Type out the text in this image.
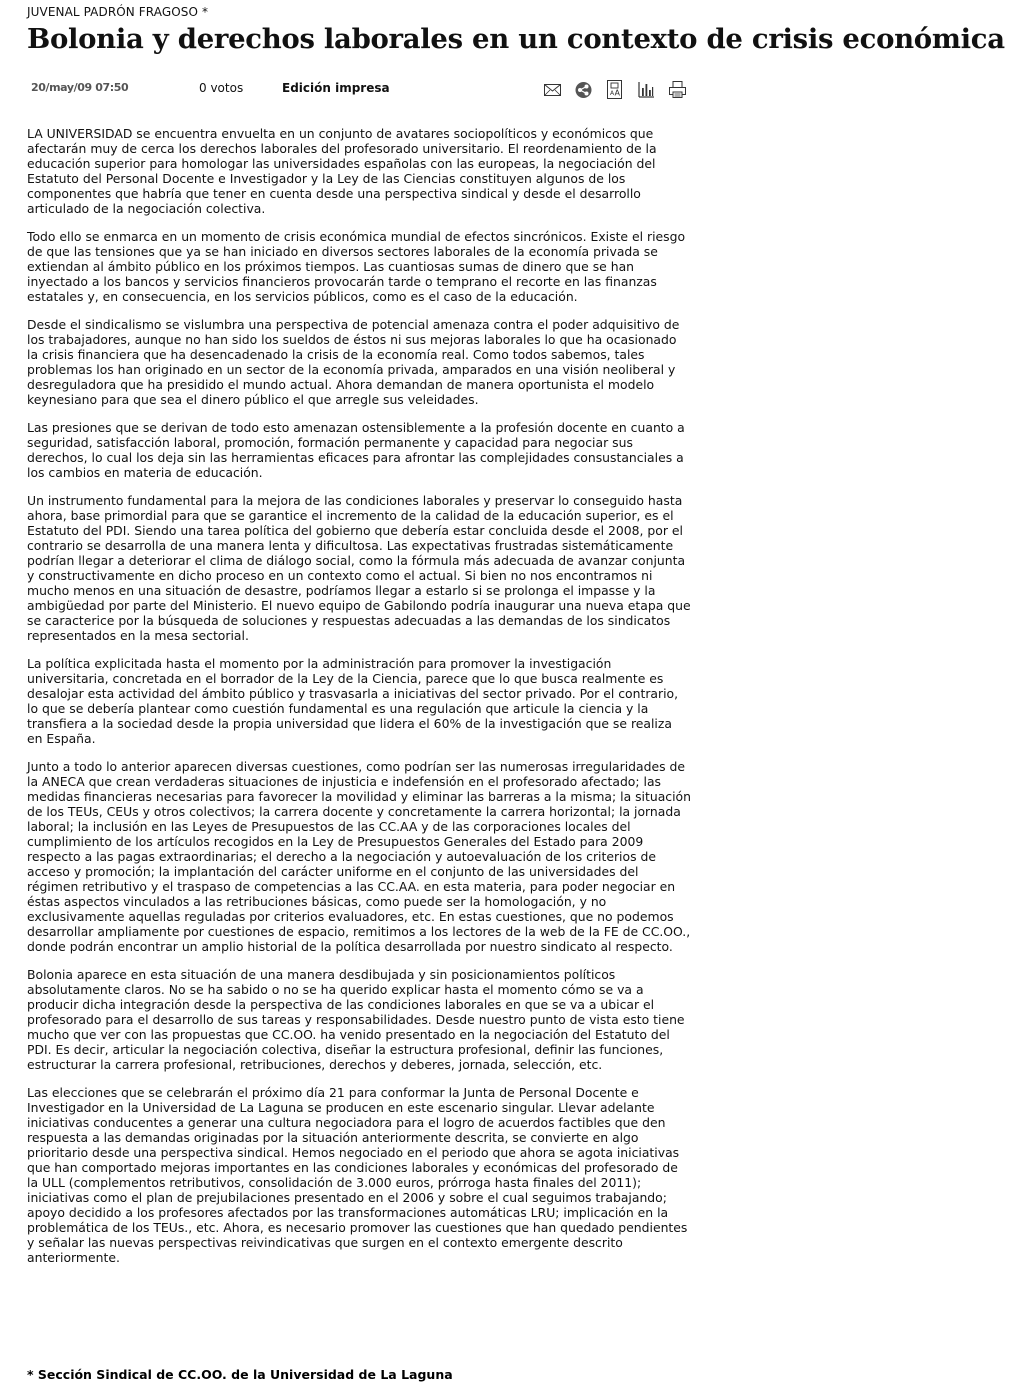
JUVENAL PADRÓN FRAGOSO *
Bolonia y derechos laborales en un contexto de crisis económica
20/may/09 07:50	0 votos	Edición impresa	A A

LA UNIVERSIDAD se encuentra envuelta en un conjunto de avatares sociopolíticos y económicos que afectarán muy de cerca los derechos laborales del profesorado universitario. El reordenamiento de la educación superior para homologar las universidades españolas con las europeas, la negociación del Estatuto del Personal Docente e Investigador y la Ley de las Ciencias constituyen algunos de los componentes que habría que tener en cuenta desde una perspectiva sindical y desde el desarrollo articulado de la negociación colectiva.

Todo ello se enmarca en un momento de crisis económica mundial de efectos sincrónicos. Existe el riesgo de que las tensiones que ya se han iniciado en diversos sectores laborales de la economía privada se extiendan al ámbito público en los próximos tiempos. Las cuantiosas sumas de dinero que se han inyectado a los bancos y servicios financieros provocarán tarde o temprano el recorte en las finanzas estatales y, en consecuencia, en los servicios públicos, como es el caso de la educación.

Desde el sindicalismo se vislumbra una perspectiva de potencial amenaza contra el poder adquisitivo de los trabajadores, aunque no han sido los sueldos de éstos ni sus mejoras laborales lo que ha ocasionado la crisis financiera que ha desencadenado la crisis de la economía real. Como todos sabemos, tales problemas los han originado en un sector de la economía privada, amparados en una visión neoliberal y desreguladora que ha presidido el mundo actual. Ahora demandan de manera oportunista el modelo keynesiano para que sea el dinero público el que arregle sus veleidades.

Las presiones que se derivan de todo esto amenazan ostensiblemente a la profesión docente en cuanto a seguridad, satisfacción laboral, promoción, formación permanente y capacidad para negociar sus derechos, lo cual los deja sin las herramientas eficaces para afrontar las complejidades consustanciales a los cambios en materia de educación.

Un instrumento fundamental para la mejora de las condiciones laborales y preservar lo conseguido hasta ahora, base primordial para que se garantice el incremento de la calidad de la educación superior, es el Estatuto del PDI. Siendo una tarea política del gobierno que debería estar concluida desde el 2008, por el contrario se desarrolla de una manera lenta y dificultosa. Las expectativas frustradas sistemáticamente podrían llegar a deteriorar el clima de diálogo social, como la fórmula más adecuada de avanzar conjunta y constructivamente en dicho proceso en un contexto como el actual. Si bien no nos encontramos ni mucho menos en una situación de desastre, podríamos llegar a estarlo si se prolonga el impasse y la ambigüedad por parte del Ministerio. El nuevo equipo de Gabilondo podría inaugurar una nueva etapa que se caracterice por la búsqueda de soluciones y respuestas adecuadas a las demandas de los sindicatos representados en la mesa sectorial.

La política explicitada hasta el momento por la administración para promover la investigación universitaria, concretada en el borrador de la Ley de la Ciencia, parece que lo que busca realmente es desalojar esta actividad del ámbito público y trasvasarla a iniciativas del sector privado. Por el contrario, lo que se debería plantear como cuestión fundamental es una regulación que articule la ciencia y la transfiera a la sociedad desde la propia universidad que lidera el 60% de la investigación que se realiza en España.

Junto a todo lo anterior aparecen diversas cuestiones, como podrían ser las numerosas irregularidades de la ANECA que crean verdaderas situaciones de injusticia e indefensión en el profesorado afectado; las medidas financieras necesarias para favorecer la movilidad y eliminar las barreras a la misma; la situación de los TEUs, CEUs y otros colectivos; la carrera docente y concretamente la carrera horizontal; la jornada laboral; la inclusión en las Leyes de Presupuestos de las CC.AA y de las corporaciones locales del cumplimiento de los artículos recogidos en la Ley de Presupuestos Generales del Estado para 2009 respecto a las pagas extraordinarias; el derecho a la negociación y autoevaluación de los criterios de acceso y promoción; la implantación del carácter uniforme en el conjunto de las universidades del régimen retributivo y el traspaso de competencias a las CC.AA. en esta materia, para poder negociar en éstas aspectos vinculados a las retribuciones básicas, como puede ser la homologación, y no exclusivamente aquellas reguladas por criterios evaluadores, etc. En estas cuestiones, que no podemos desarrollar ampliamente por cuestiones de espacio, remitimos a los lectores de la web de la FE de CC.OO., donde podrán encontrar un amplio historial de la política desarrollada por nuestro sindicato al respecto.

Bolonia aparece en esta situación de una manera desdibujada y sin posicionamientos políticos absolutamente claros. No se ha sabido o no se ha querido explicar hasta el momento cómo se va a producir dicha integración desde la perspectiva de las condiciones laborales en que se va a ubicar el profesorado para el desarrollo de sus tareas y responsabilidades. Desde nuestro punto de vista esto tiene mucho que ver con las propuestas que CC.OO. ha venido presentado en la negociación del Estatuto del PDI. Es decir, articular la negociación colectiva, diseñar la estructura profesional, definir las funciones, estructurar la carrera profesional, retribuciones, derechos y deberes, jornada, selección, etc.

Las elecciones que se celebrarán el próximo día 21 para conformar la Junta de Personal Docente e Investigador en la Universidad de La Laguna se producen en este escenario singular. Llevar adelante iniciativas conducentes a generar una cultura negociadora para el logro de acuerdos factibles que den respuesta a las demandas originadas por la situación anteriormente descrita, se convierte en algo prioritario desde una perspectiva sindical. Hemos negociado en el periodo que ahora se agota iniciativas que han comportado mejoras importantes en las condiciones laborales y económicas del profesorado de la ULL (complementos retributivos, consolidación de 3.000 euros, prórroga hasta finales del 2011); iniciativas como el plan de prejubilaciones presentado en el 2006 y sobre el cual seguimos trabajando; apoyo decidido a los profesores afectados por las transformaciones automáticas LRU; implicación en la problemática de los TEUs., etc. Ahora, es necesario promover las cuestiones que han quedado pendientes y señalar las nuevas perspectivas reivindicativas que surgen en el contexto emergente descrito anteriormente.

* Sección Sindical de CC.OO. de la Universidad de La Laguna
